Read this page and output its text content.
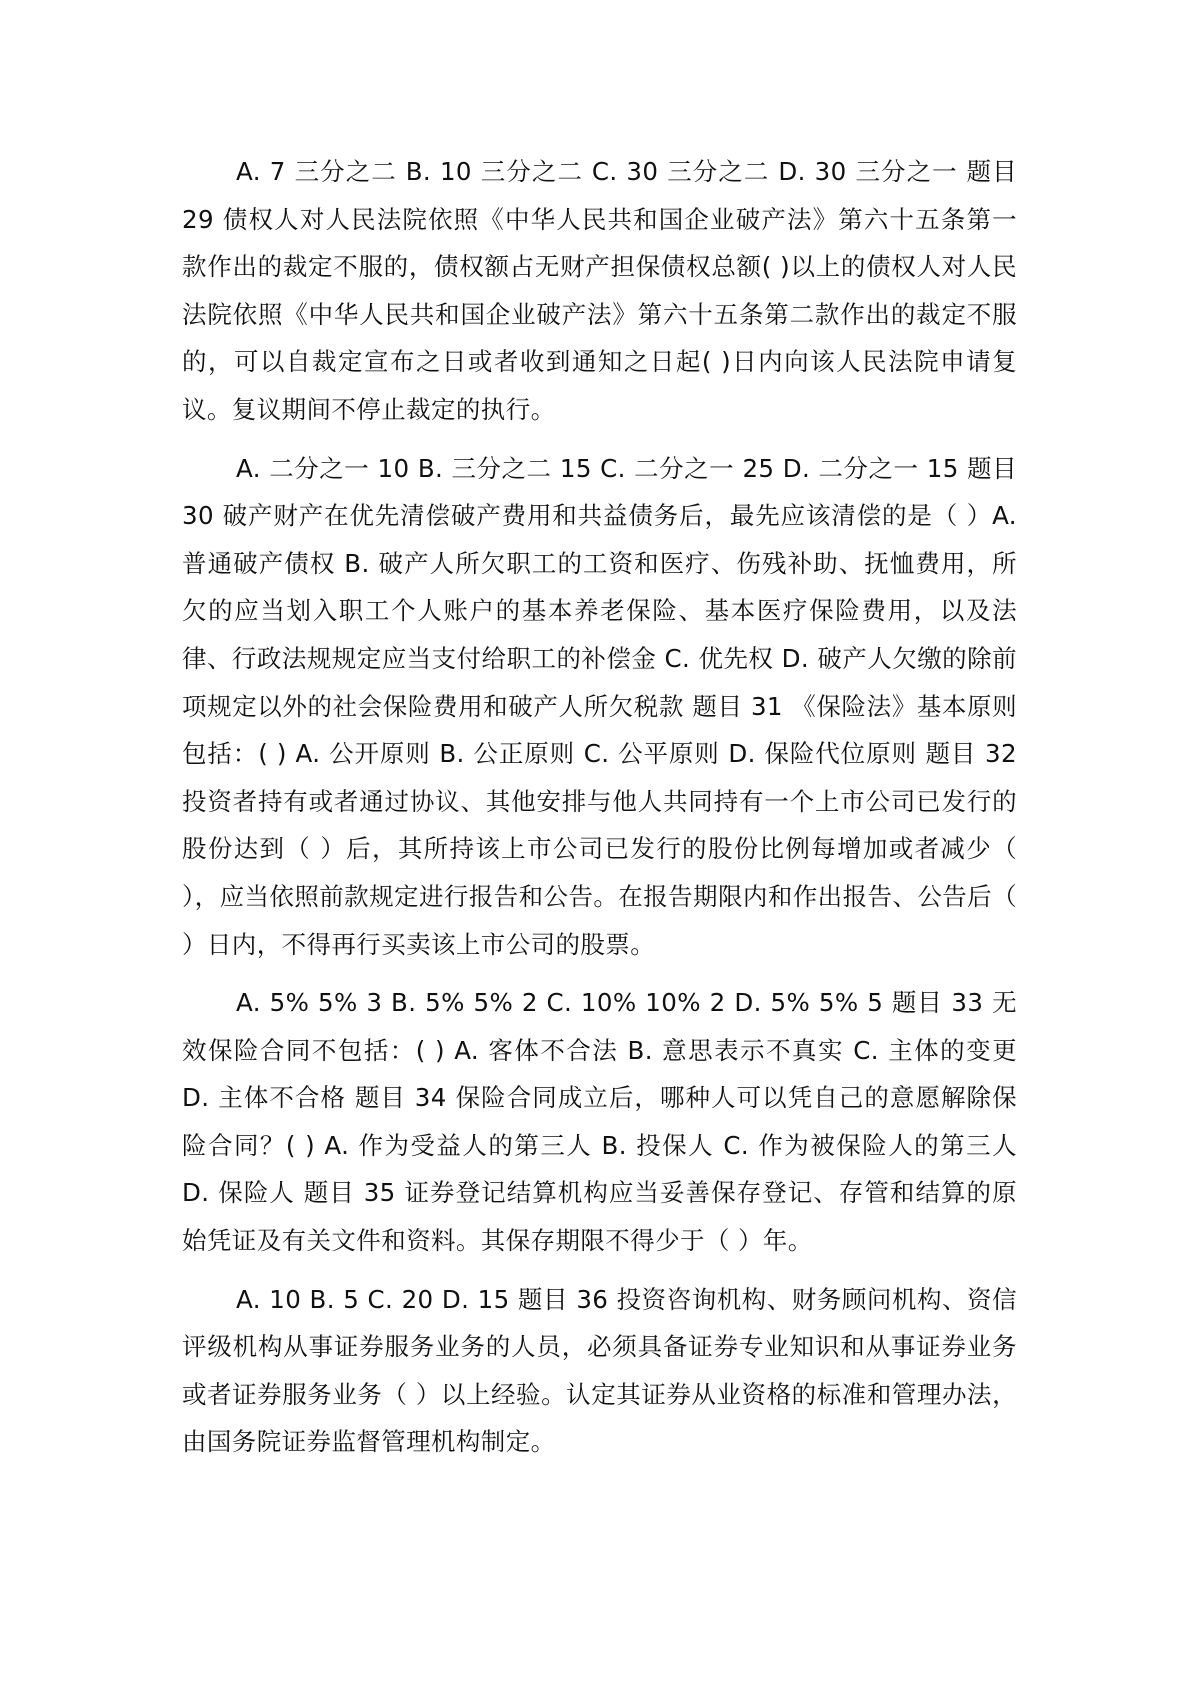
A. 7 三分之二 B. 10 三分之二 C. 30 三分之二 D. 30 三分之一 题目 29 债权人对人民法院依照《中华人民共和国企业破产法》第六十五条第一款作出的裁定不服的，债权额占无财产担保债权总额( )以上的债权人对人民法院依照《中华人民共和国企业破产法》第六十五条第二款作出的裁定不服的，可以自裁定宣布之日或者收到通知之日起( )日内向该人民法院申请复议。复议期间不停止裁定的执行。

A. 二分之一 10 B. 三分之二 15 C. 二分之一 25 D. 二分之一 15 题目 30 破产财产在优先清偿破产费用和共益债务后，最先应该清偿的是（ ）A. 普通破产债权 B. 破产人所欠职工的工资和医疗、伤残补助、抚恤费用，所欠的应当划入职工个人账户的基本养老保险、基本医疗保险费用，以及法律、行政法规规定应当支付给职工的补偿金 C. 优先权 D. 破产人欠缴的除前项规定以外的社会保险费用和破产人所欠税款 题目 31 《保险法》基本原则包括：( ) A. 公开原则 B. 公正原则 C. 公平原则 D. 保险代位原则 题目 32 投资者持有或者通过协议、其他安排与他人共同持有一个上市公司已发行的股份达到（ ）后，其所持该上市公司已发行的股份比例每增加或者减少（ ），应当依照前款规定进行报告和公告。在报告期限内和作出报告、公告后（ ）日内，不得再行买卖该上市公司的股票。

A. 5% 5% 3 B. 5% 5% 2 C. 10% 10% 2 D. 5% 5% 5 题目 33 无效保险合同不包括：( ) A. 客体不合法 B. 意思表示不真实 C. 主体的变更 D. 主体不合格 题目 34 保险合同成立后，哪种人可以凭自己的意愿解除保险合同？( ) A. 作为受益人的第三人 B. 投保人 C. 作为被保险人的第三人 D. 保险人 题目 35 证券登记结算机构应当妥善保存登记、存管和结算的原始凭证及有关文件和资料。其保存期限不得少于（ ）年。

A. 10 B. 5 C. 20 D. 15 题目 36 投资咨询机构、财务顾问机构、资信评级机构从事证券服务业务的人员，必须具备证券专业知识和从事证券业务或者证券服务业务（ ）以上经验。认定其证券从业资格的标准和管理办法，由国务院证券监督管理机构制定。
